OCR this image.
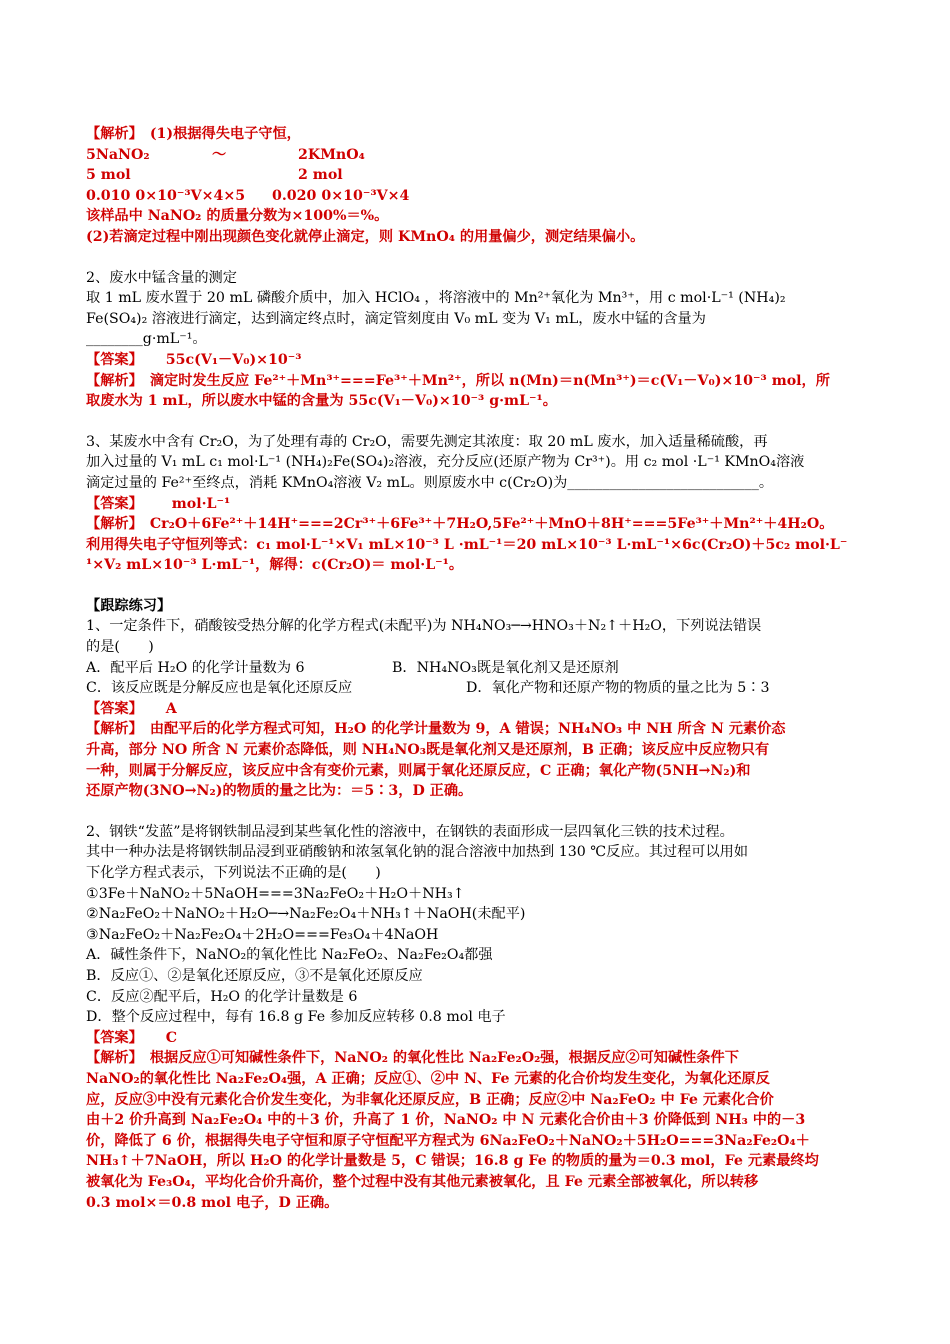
【解析】　(1)根据得失电子守恒，
5NaNO₂	～	2KMnO₄
5 mol	2 mol
0.010 0×10⁻³V×4×5 0.020 0×10⁻³V×4
该样品中 NaNO₂ 的质量分数为×100%＝%。
(2)若滴定过程中刚出现颜色变化就停止滴定，则 KMnO₄ 的用量偏少，测定结果偏小。
2、废水中锰含量的测定
取 1 mL 废水置于 20 mL 磷酸介质中，加入 HClO₄ ，将溶液中的 Mn²⁺氧化为 Mn³⁺，用 c mol·L⁻¹ (NH₄)₂
Fe(SO₄)₂ 溶液进行滴定，达到滴定终点时，滴定管刻度由 V₀ mL 变为 V₁ mL，废水中锰的含量为
________g·mL⁻¹。
【答案】 55c(V₁－V₀)×10⁻³
【解析】　滴定时发生反应 Fe²⁺＋Mn³⁺===Fe³⁺＋Mn²⁺，所以 n(Mn)＝n(Mn³⁺)＝c(V₁－V₀)×10⁻³ mol，所
取废水为 1 mL，所以废水中锰的含量为 55c(V₁－V₀)×10⁻³ g·mL⁻¹。
3、某废水中含有 Cr₂O，为了处理有毒的 Cr₂O，需要先测定其浓度：取 20 mL 废水，加入适量稀硫酸，再
加入过量的 V₁ mL c₁ mol·L⁻¹ (NH₄)₂Fe(SO₄)₂溶液，充分反应(还原产物为 Cr³⁺)。用 c₂ mol ·L⁻¹ KMnO₄溶液
滴定过量的 Fe²⁺至终点，消耗 KMnO₄溶液 V₂ mL。则原废水中 c(Cr₂O)为___________________________。
【答案】 mol·L⁻¹
【解析】　Cr₂O＋6Fe²⁺＋14H⁺===2Cr³⁺＋6Fe³⁺＋7H₂O,5Fe²⁺＋MnO＋8H⁺===5Fe³⁺＋Mn²⁺＋4H₂O。
利用得失电子守恒列等式：c₁ mol·L⁻¹×V₁ mL×10⁻³ L ·mL⁻¹＝20 mL×10⁻³ L·mL⁻¹×6c(Cr₂O)＋5c₂ mol·L⁻
¹×V₂ mL×10⁻³ L·mL⁻¹，解得：c(Cr₂O)＝ mol·L⁻¹。
【跟踪练习】
1、一定条件下，硝酸铵受热分解的化学方程式(未配平)为 NH₄NO₃─→HNO₃＋N₂↑＋H₂O，下列说法错误
的是(　　)
A．配平后 H₂O 的化学计量数为 6	B．NH₄NO₃既是氧化剂又是还原剂
C．该反应既是分解反应也是氧化还原反应	D．氧化产物和还原产物的物质的量之比为 5∶3
【答案】 A
【解析】　由配平后的化学方程式可知，H₂O 的化学计量数为 9，A 错误；NH₄NO₃ 中 NH 所含 N 元素价态
升高，部分 NO 所含 N 元素价态降低，则 NH₄NO₃既是氧化剂又是还原剂，B 正确；该反应中反应物只有
一种，则属于分解反应，该反应中含有变价元素，则属于氧化还原反应，C 正确；氧化产物(5NH→N₂)和
还原产物(3NO→N₂)的物质的量之比为：＝5∶3，D 正确。
2、钢铁“发蓝”是将钢铁制品浸到某些氧化性的溶液中，在钢铁的表面形成一层四氧化三铁的技术过程。
其中一种办法是将钢铁制品浸到亚硝酸钠和浓氢氧化钠的混合溶液中加热到 130 ℃反应。其过程可以用如
下化学方程式表示，下列说法不正确的是(　　)
①3Fe＋NaNO₂＋5NaOH===3Na₂FeO₂＋H₂O＋NH₃↑
②Na₂FeO₂＋NaNO₂＋H₂O─→Na₂Fe₂O₄＋NH₃↑＋NaOH(未配平)
③Na₂FeO₂＋Na₂Fe₂O₄＋2H₂O===Fe₃O₄＋4NaOH
A．碱性条件下，NaNO₂的氧化性比 Na₂FeO₂、Na₂Fe₂O₄都强
B．反应①、②是氧化还原反应，③不是氧化还原反应
C．反应②配平后，H₂O 的化学计量数是 6
D．整个反应过程中，每有 16.8 g Fe 参加反应转移 0.8 mol 电子
【答案】 C
【解析】　根据反应①可知碱性条件下，NaNO₂ 的氧化性比 Na₂Fe₂O₂强，根据反应②可知碱性条件下
NaNO₂的氧化性比 Na₂Fe₂O₄强，A 正确；反应①、②中 N、Fe 元素的化合价均发生变化，为氧化还原反
应，反应③中没有元素化合价发生变化，为非氧化还原反应，B 正确；反应②中 Na₂FeO₂ 中 Fe 元素化合价
由＋2 价升高到 Na₂Fe₂O₄ 中的＋3 价，升高了 1 价，NaNO₂ 中 N 元素化合价由＋3 价降低到 NH₃ 中的－3
价，降低了 6 价，根据得失电子守恒和原子守恒配平方程式为 6Na₂FeO₂＋NaNO₂＋5H₂O===3Na₂Fe₂O₄＋
NH₃↑＋7NaOH，所以 H₂O 的化学计量数是 5，C 错误；16.8 g Fe 的物质的量为＝0.3 mol，Fe 元素最终均
被氧化为 Fe₃O₄，平均化合价升高价，整个过程中没有其他元素被氧化，且 Fe 元素全部被氧化，所以转移
0.3 mol×＝0.8 mol 电子，D 正确。
